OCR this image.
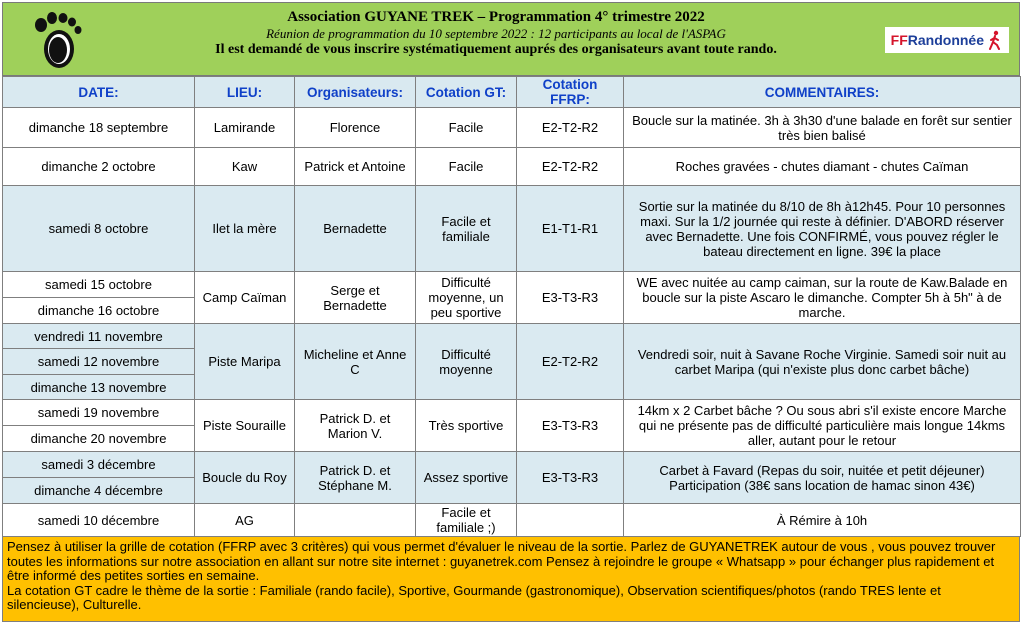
Association GUYANE TREK – Programmation 4° trimestre 2022
Réunion de programmation du 10 septembre 2022 : 12 participants au local de l'ASPAG
Il est demandé de vous inscrire systématiquement auprés des organisateurs avant toute rando.
FFRandonnée
DATE:	LIEU:	Organisateurs:	Cotation GT:	Cotation FFRP:	COMMENTAIRES:
dimanche 18 septembre	Lamirande	Florence	Facile	E2-T2-R2	Boucle sur la matinée. 3h à 3h30 d'une balade en forêt sur sentier très bien balisé
dimanche 2 octobre	Kaw	Patrick et Antoine	Facile	E2-T2-R2	Roches gravées - chutes diamant - chutes Caïman
samedi 8 octobre	Ilet la mère	Bernadette	Facile et familiale	E1-T1-R1	Sortie sur la matinée du 8/10 de 8h à12h45. Pour 10 personnes maxi. Sur la 1/2 journée qui reste à définier. D'ABORD réserver avec Bernadette. Une fois CONFIRMÉ, vous pouvez régler le bateau directement en ligne. 39€ la place
samedi 15 octobre	Camp Caïman	Serge et Bernadette	Difficulté moyenne, un peu sportive	E3-T3-R3	WE avec nuitée au camp caiman, sur la route de Kaw.Balade en boucle sur la piste Ascaro le dimanche. Compter 5h à 5h" à de marche.
dimanche 16 octobre					
vendredi 11 novembre	Piste Maripa	Micheline et Anne C	Difficulté moyenne	E2-T2-R2	Vendredi soir, nuit à Savane Roche Virginie. Samedi soir nuit au carbet Maripa (qui n'existe plus donc carbet bâche)
samedi 12 novembre					
dimanche 13 novembre					
samedi 19 novembre	Piste Souraille	Patrick D. et Marion V.	Très sportive	E3-T3-R3	14km x 2 Carbet bâche ? Ou sous abri s'il existe encore Marche qui ne présente pas de difficulté particulière mais longue 14kms aller, autant pour le retour
dimanche 20 novembre					
samedi 3 décembre	Boucle du Roy	Patrick D. et Stéphane M.	Assez sportive	E3-T3-R3	Carbet à Favard (Repas du soir, nuitée et petit déjeuner) Participation (38€ sans location de hamac sinon 43€)
dimanche 4 décembre					
samedi 10 décembre	AG		Facile et familiale ;)		À Rémire à 10h
Pensez à utiliser la grille de cotation (FFRP avec 3 critères) qui vous permet d'évaluer le niveau de la sortie. Parlez de GUYANETREK autour de vous , vous pouvez trouver toutes les informations sur notre association en allant sur notre site internet : guyanetrek.com Pensez à rejoindre le groupe « Whatsapp » pour échanger plus rapidement et être informé des petites sorties en semaine.
La cotation GT cadre le thème de la sortie : Familiale (rando facile), Sportive, Gourmande (gastronomique), Observation scientifiques/photos (rando TRES lente et silencieuse), Culturelle.
